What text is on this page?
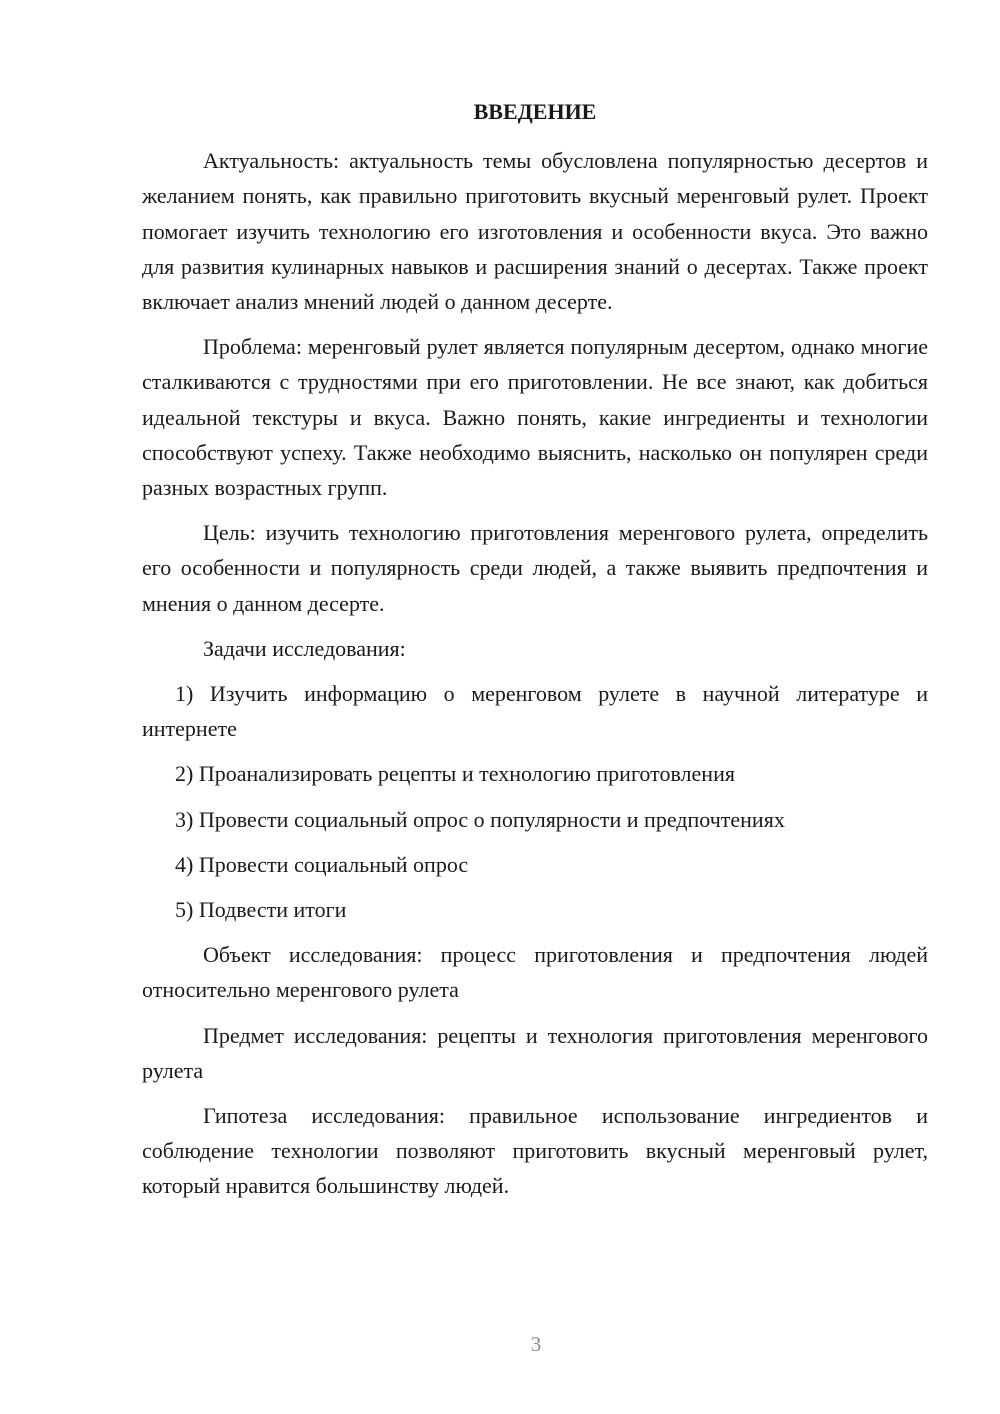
ВВЕДЕНИЕ

Актуальность: актуальность темы обусловлена популярностью десертов и желанием понять, как правильно приготовить вкусный меренговый рулет. Проект помогает изучить технологию его изготовления и особенности вкуса. Это важно для развития кулинарных навыков и расширения знаний о десертах. Также проект включает анализ мнений людей о данном десерте.

Проблема: меренговый рулет является популярным десертом, однако многие сталкиваются с трудностями при его приготовлении. Не все знают, как добиться идеальной текстуры и вкуса. Важно понять, какие ингредиенты и технологии способствуют успеху. Также необходимо выяснить, насколько он популярен среди разных возрастных групп.

Цель: изучить технологию приготовления меренгового рулета, определить его особенности и популярность среди людей, а также выявить предпочтения и мнения о данном десерте.

Задачи исследования:

1) Изучить информацию о меренговом рулете в научной литературе и интернете

2) Проанализировать рецепты и технологию приготовления

3) Провести социальный опрос о популярности и предпочтениях

4) Провести социальный опрос

5) Подвести итоги

Объект исследования: процесс приготовления и предпочтения людей относительно меренгового рулета

Предмет исследования: рецепты и технология приготовления меренгового рулета

Гипотеза исследования: правильное использование ингредиентов и соблюдение технологии позволяют приготовить вкусный меренговый рулет, который нравится большинству людей.

3
